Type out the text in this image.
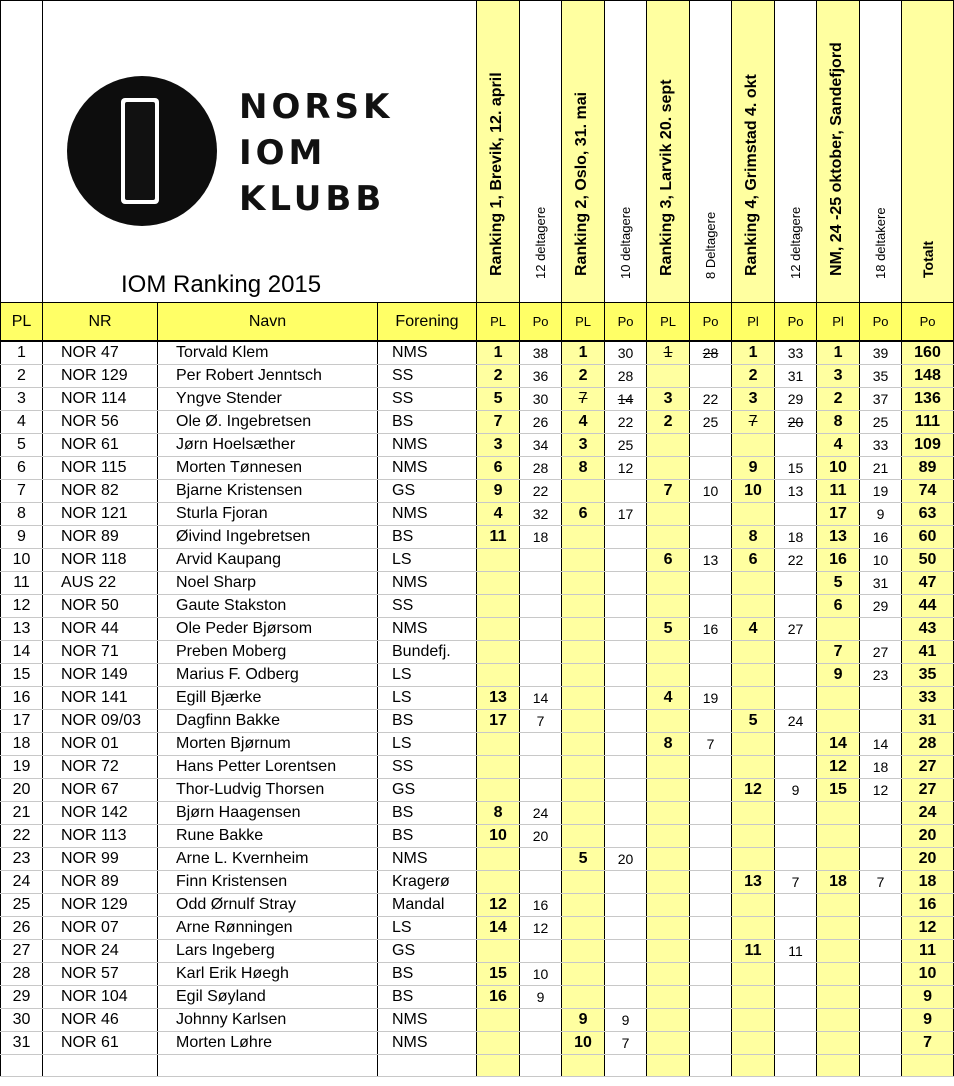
	NORSK
IOM
KLUBB
IOM Ranking 2015			Ranking 1, Brevik, 12. april	12 deltagere	Ranking 2, Oslo, 31. mai	10 deltagere	Ranking 3, Larvik 20. sept	8 Deltagere	Ranking 4, Grimstad 4. okt	12 deltagere	NM, 24 -25 oktober, Sandefjord	18 deltakere	Totalt

PL	NR	Navn	Forening	PL	Po	PL	Po	PL	Po	Pl	Po	Pl	Po	Po
1	NOR 47	Torvald Klem	NMS	1	38	1	30	1	28	1	33	1	39	160
2	NOR 129	Per Robert Jenntsch	SS	2	36	2	28			2	31	3	35	148
3	NOR 114	Yngve Stender	SS	5	30	7	14	3	22	3	29	2	37	136
4	NOR 56	Ole Ø. Ingebretsen	BS	7	26	4	22	2	25	7	20	8	25	111
5	NOR 61	Jørn Hoelsæther	NMS	3	34	3	25					4	33	109
6	NOR 115	Morten Tønnesen	NMS	6	28	8	12			9	15	10	21	89
7	NOR 82	Bjarne Kristensen	GS	9	22			7	10	10	13	11	19	74
8	NOR 121	Sturla Fjoran	NMS	4	32	6	17					17	9	63
9	NOR 89	Øivind Ingebretsen	BS	11	18					8	18	13	16	60
10	NOR 118	Arvid Kaupang	LS					6	13	6	22	16	10	50
11	AUS 22	Noel Sharp	NMS									5	31	47
12	NOR 50	Gaute Stakston	SS									6	29	44
13	NOR 44	Ole Peder Bjørsom	NMS					5	16	4	27			43
14	NOR 71	Preben Moberg	Bundefj.									7	27	41
15	NOR 149	Marius F. Odberg	LS									9	23	35
16	NOR 141	Egill Bjærke	LS	13	14			4	19					33
17	NOR 09/03	Dagfinn Bakke	BS	17	7					5	24			31
18	NOR 01	Morten Bjørnum	LS					8	7			14	14	28
19	NOR 72	Hans Petter Lorentsen	SS									12	18	27
20	NOR 67	Thor-Ludvig Thorsen	GS							12	9	15	12	27
21	NOR 142	Bjørn Haagensen	BS	8	24									24
22	NOR 113	Rune Bakke	BS	10	20									20
23	NOR 99	Arne L. Kvernheim	NMS			5	20							20
24	NOR 89	Finn Kristensen	Kragerø							13	7	18	7	18
25	NOR 129	Odd Ørnulf Stray	Mandal	12	16									16
26	NOR 07	Arne Rønningen	LS	14	12									12
27	NOR 24	Lars Ingeberg	GS							11	11			11
28	NOR 57	Karl Erik Høegh	BS	15	10									10
29	NOR 104	Egil Søyland	BS	16	9									9
30	NOR 46	Johnny Karlsen	NMS			9	9							9
31	NOR 61	Morten Løhre	NMS			10	7							7
